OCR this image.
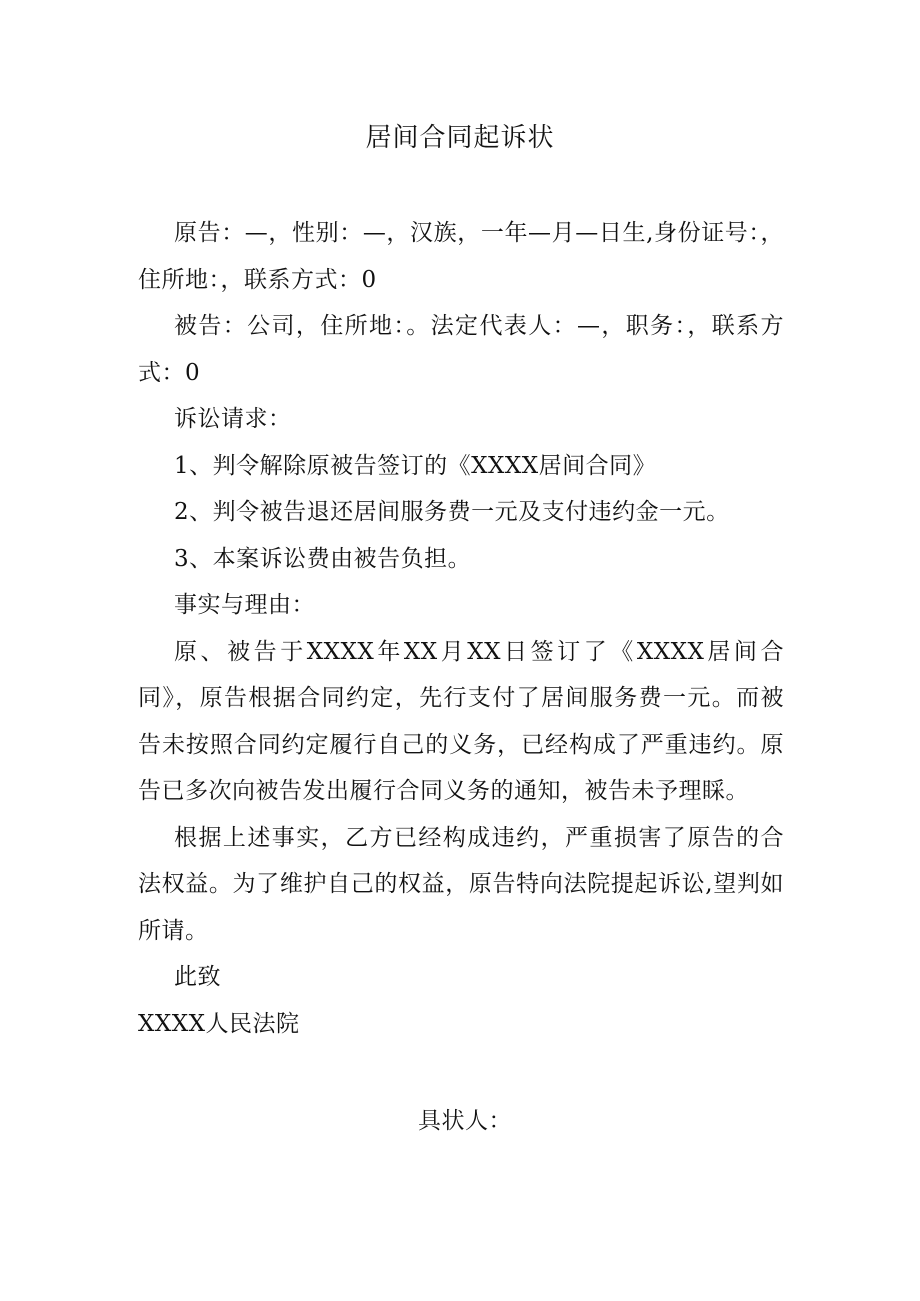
居间合同起诉状

原告：—，性别：—，汉族，一年—月—日生,身份证号：，住所地：，联系方式：0

被告：公司，住所地：。法定代表人：—，职务：，联系方式：0

诉讼请求：

1、判令解除原被告签订的《XXXX居间合同》

2、判令被告退还居间服务费一元及支付违约金一元。

3、本案诉讼费由被告负担。

事实与理由：

原、被告于XXXX年XX月XX日签订了《XXXX居间合同》，原告根据合同约定，先行支付了居间服务费一元。而被告未按照合同约定履行自己的义务，已经构成了严重违约。原告已多次向被告发出履行合同义务的通知，被告未予理睬。

根据上述事实，乙方已经构成违约，严重损害了原告的合法权益。为了维护自己的权益，原告特向法院提起诉讼,望判如所请。

此致

XXXX人民法院

具状人：
